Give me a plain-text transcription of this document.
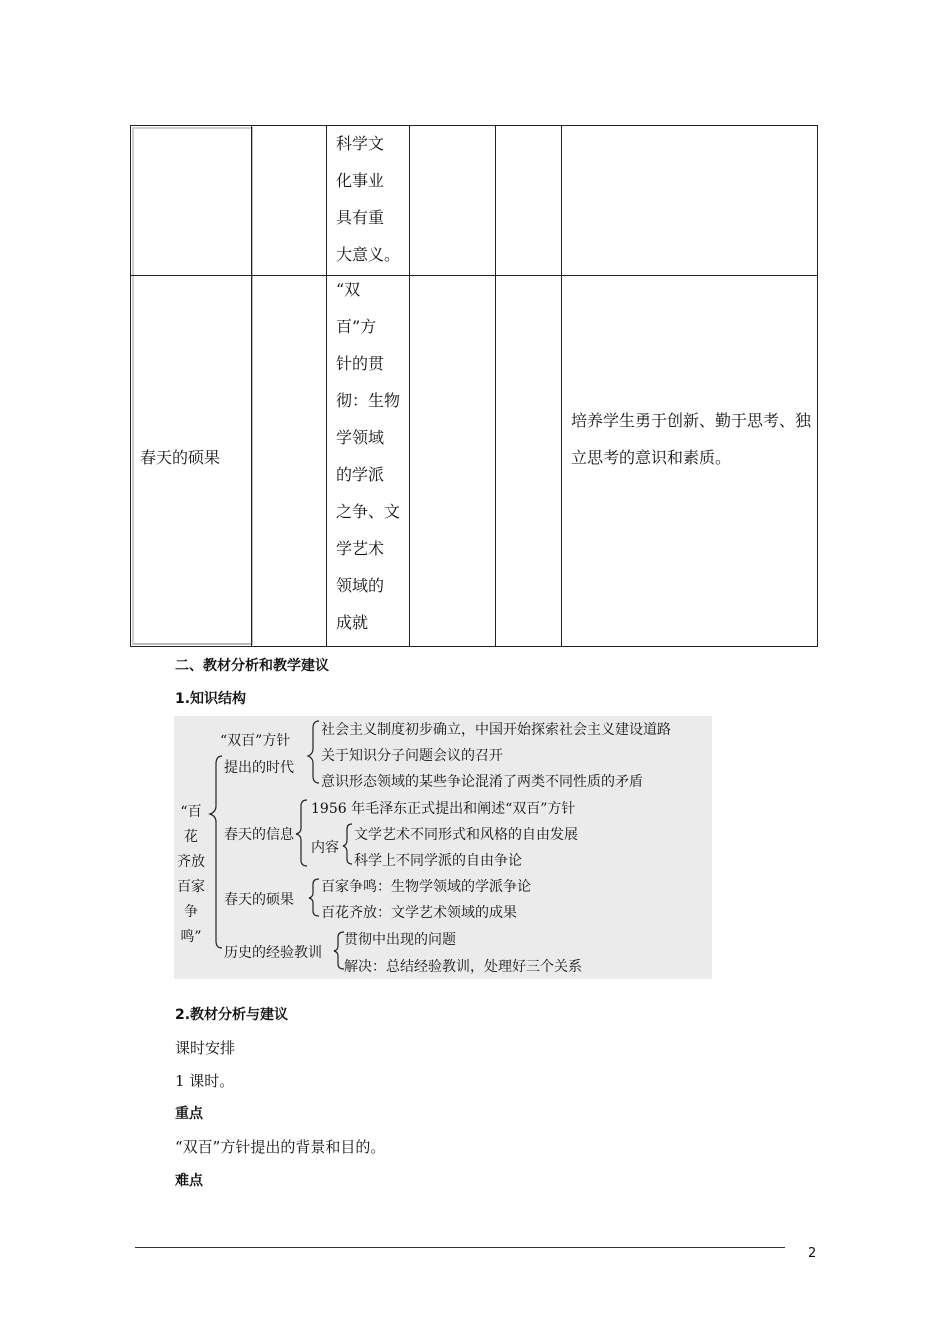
科学文
化事业
具有重
大意义。
春天的硕果
“双
百”方
针的贯
彻：生物
学领域
的学派
之争、文
学艺术
领域的
成就
培养学生勇于创新、勤于思考、独
立思考的意识和素质。
二、教材分析和教学建议
1.知识结构
“百花
齐放
百家
争鸣”
“双百”方针
提出的时代
社会主义制度初步确立，中国开始探索社会主义建设道路
关于知识分子问题会议的召开
意识形态领域的某些争论混淆了两类不同性质的矛盾
春天的信息
1956 年毛泽东正式提出和阐述“双百”方针
内容
文学艺术不同形式和风格的自由发展
科学上不同学派的自由争论
春天的硕果
百家争鸣：生物学领域的学派争论
百花齐放：文学艺术领域的成果
历史的经验教训
贯彻中出现的问题
解决：总结经验教训，处理好三个关系
2.教材分析与建议
课时安排
1 课时。
重点
“双百”方针提出的背景和目的。
难点
2
